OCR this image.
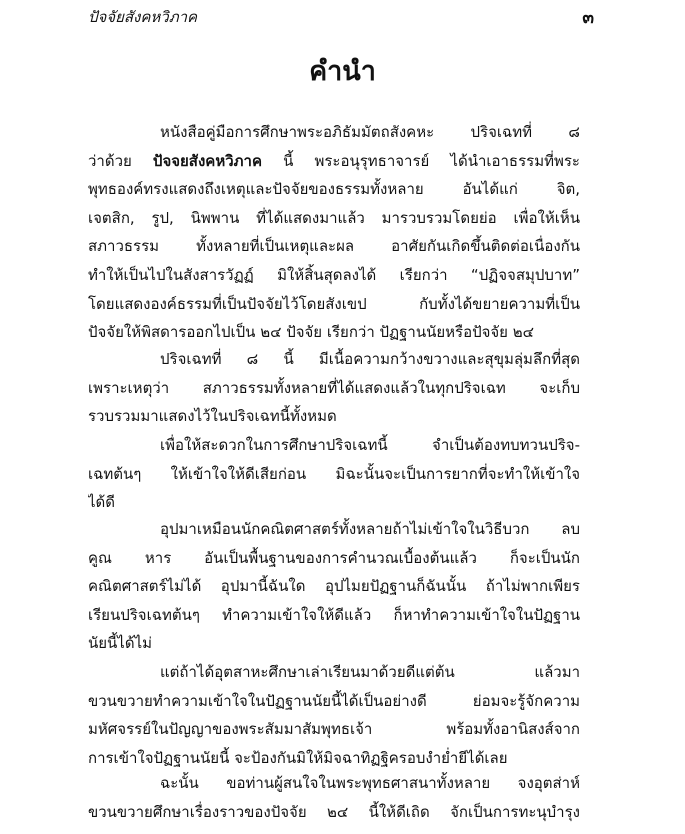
ปัจจัยสังคหวิภาค	๓
คำนำ
หนังสือคู่มือการศึกษาพระอภิธัมมัตถสังคหะ ปริจเฉทที่ ๘
ว่าด้วย ปัจจยสังคหวิภาค นี้ พระอนุรุทธาจารย์ ได้นำเอาธรรมที่พระ
พุทธองค์ทรงแสดงถึงเหตุและปัจจัยของธรรมทั้งหลาย อันได้แก่ จิต,
เจตสิก, รูป, นิพพาน ที่ได้แสดงมาแล้ว มารวบรวมโดยย่อ เพื่อให้เห็น
สภาวธรรม ทั้งหลายที่เป็นเหตุและผล อาศัยกันเกิดขึ้นติดต่อเนื่องกัน
ทำให้เป็นไปในสังสารวัฏฏ์ มิให้สิ้นสุดลงได้ เรียกว่า “ปฏิจจสมุปบาท”
โดยแสดงองค์ธรรมที่เป็นปัจจัยไว้โดยสังเขป กับทั้งได้ขยายความที่เป็น
ปัจจัยให้พิสดารออกไปเป็น ๒๔ ปัจจัย เรียกว่า ปัฏฐานนัยหรือปัจจัย ๒๔
ปริจเฉทที่ ๘ นี้ มีเนื้อความกว้างขวางและสุขุมลุ่มลึกที่สุด
เพราะเหตุว่า สภาวธรรมทั้งหลายที่ได้แสดงแล้วในทุกปริจเฉท จะเก็บ
รวบรวมมาแสดงไว้ในปริจเฉทนี้ทั้งหมด
เพื่อให้สะดวกในการศึกษาปริจเฉทนี้ จำเป็นต้องทบทวนปริจ-
เฉทต้นๆ ให้เข้าใจให้ดีเสียก่อน มิฉะนั้นจะเป็นการยากที่จะทำให้เข้าใจ
ได้ดี
อุปมาเหมือนนักคณิตศาสตร์ทั้งหลายถ้าไม่เข้าใจในวิธีบวก ลบ
คูณ หาร อันเป็นพื้นฐานของการคำนวณเบื้องต้นแล้ว ก็จะเป็นนัก
คณิตศาสตร์ไม่ได้ อุปมานี้ฉันใด อุปไมยปัฏฐานก็ฉันนั้น ถ้าไม่พากเพียร
เรียนปริจเฉทต้นๆ ทำความเข้าใจให้ดีแล้ว ก็หาทำความเข้าใจในปัฏฐาน
นัยนี้ได้ไม่
แต่ถ้าได้อุตสาหะศึกษาเล่าเรียนมาด้วยดีแต่ต้น แล้วมา
ขวนขวายทำความเข้าใจในปัฏฐานนัยนี้ได้เป็นอย่างดี ย่อมจะรู้จักความ
มหัศจรรย์ในปัญญาของพระสัมมาสัมพุทธเจ้า พร้อมทั้งอานิสงส์จาก
การเข้าใจปัฏฐานนัยนี้ จะป้องกันมิให้มิจฉาทิฏฐิครอบงำย่ำยีได้เลย
ฉะนั้น ขอท่านผู้สนใจในพระพุทธศาสนาทั้งหลาย จงอุตส่าห์
ขวนขวายศึกษาเรื่องราวของปัจจัย ๒๔ นี้ให้ดีเถิด จักเป็นการทะนุบำรุง
